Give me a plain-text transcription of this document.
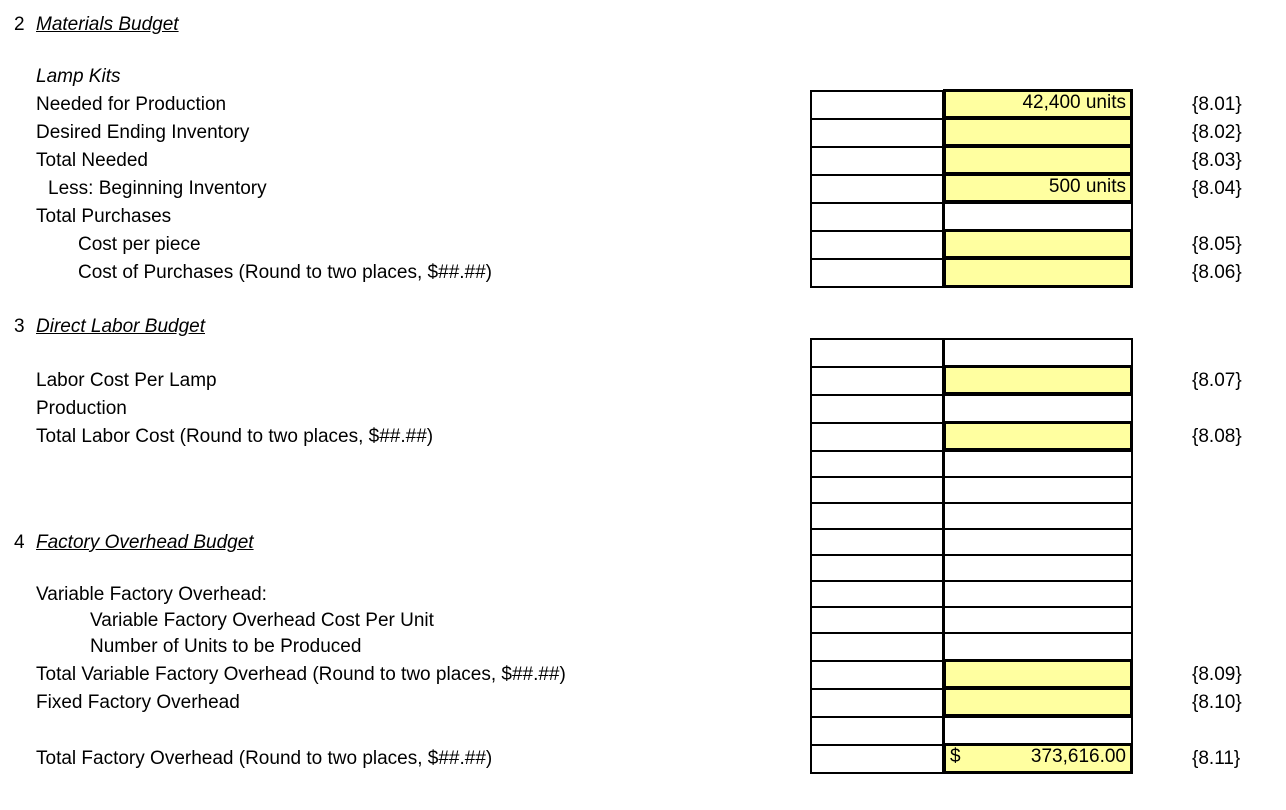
2 Materials Budget
Lamp Kits
Needed for Production
Desired Ending Inventory
Total Needed
Less: Beginning Inventory
Total Purchases
Cost per piece
Cost of Purchases (Round to two places, $##.##)
42,400 units
500 units
{8.01}
{8.02}
{8.03}
{8.04}
{8.05}
{8.06}
3 Direct Labor Budget
Labor Cost Per Lamp
Production
Total Labor Cost (Round to two places, $##.##)
{8.07}
{8.08}
4 Factory Overhead Budget
Variable Factory Overhead:
Variable Factory Overhead Cost Per Unit
Number of Units to be Produced
Total Variable Factory Overhead (Round to two places, $##.##)
Fixed Factory Overhead
Total Factory Overhead (Round to two places, $##.##)	$	373,616.00
{8.09}
{8.10}
{8.11}
